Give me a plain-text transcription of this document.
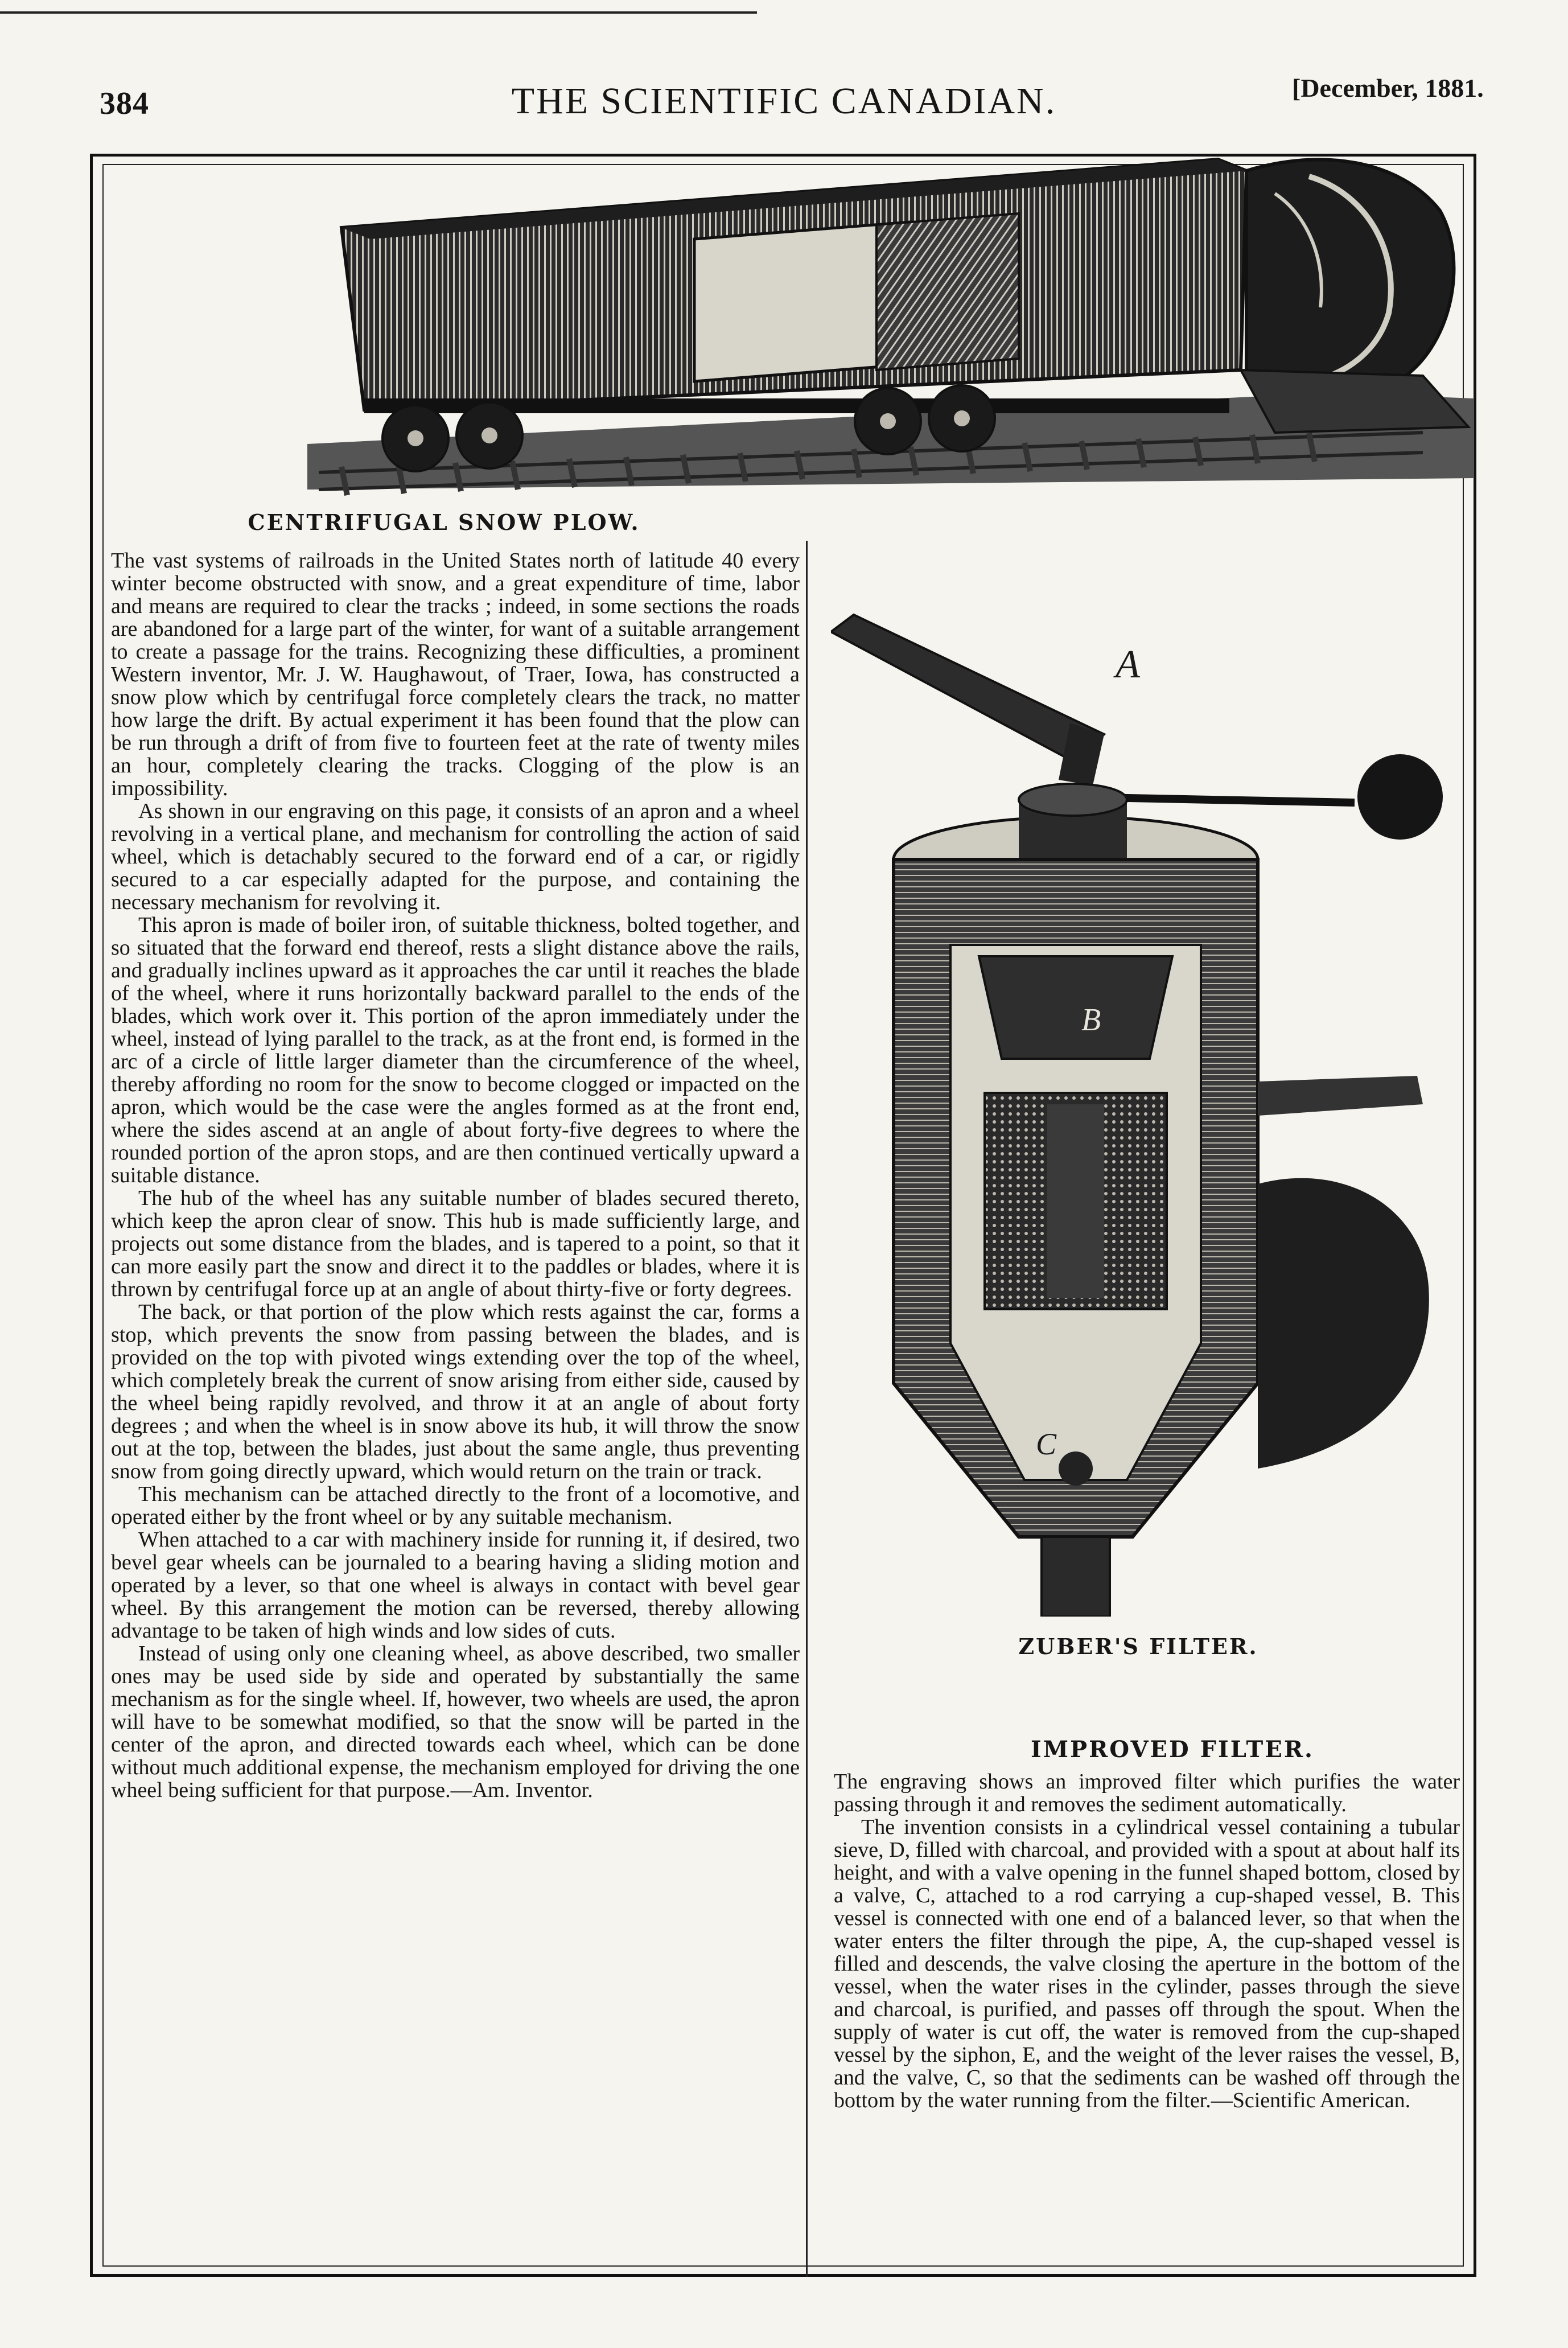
384	THE SCIENTIFIC CANADIAN.	[December, 1881.
CENTRIFUGAL SNOW PLOW.
B
C
A
ZUBER'S FILTER.

The vast systems of railroads in the United States north of latitude 40 every winter become obstructed with snow, and a great expenditure of time, labor and means are required to clear the tracks ; indeed, in some sections the roads are abandoned for a large part of the winter, for want of a suitable arrangement to create a passage for the trains. Recognizing these difficulties, a prominent Western inventor, Mr. J. W. Haughawout, of Traer, Iowa, has constructed a snow plow which by centrifugal force completely clears the track, no matter how large the drift. By actual experiment it has been found that the plow can be run through a drift of from five to fourteen feet at the rate of twenty miles an hour, completely clearing the tracks. Clogging of the plow is an impossibility.

As shown in our engraving on this page, it consists of an apron and a wheel revolving in a vertical plane, and mechanism for controlling the action of said wheel, which is detachably secured to the forward end of a car, or rigidly secured to a car especially adapted for the purpose, and containing the necessary mechanism for revolving it.

This apron is made of boiler iron, of suitable thickness, bolted together, and so situated that the forward end thereof, rests a slight distance above the rails, and gradually inclines upward as it approaches the car until it reaches the blade of the wheel, where it runs horizontally backward parallel to the ends of the blades, which work over it. This portion of the apron immediately under the wheel, instead of lying parallel to the track, as at the front end, is formed in the arc of a circle of little larger diameter than the circumference of the wheel, thereby affording no room for the snow to become clogged or impacted on the apron, which would be the case were the angles formed as at the front end, where the sides ascend at an angle of about forty-five degrees to where the rounded portion of the apron stops, and are then continued vertically upward a suitable distance.

The hub of the wheel has any suitable number of blades secured thereto, which keep the apron clear of snow. This hub is made sufficiently large, and projects out some distance from the blades, and is tapered to a point, so that it can more easily part the snow and direct it to the paddles or blades, where it is thrown by centrifugal force up at an angle of about thirty-five or forty degrees.

The back, or that portion of the plow which rests against the car, forms a stop, which prevents the snow from passing between the blades, and is provided on the top with pivoted wings extending over the top of the wheel, which completely break the current of snow arising from either side, caused by the wheel being rapidly revolved, and throw it at an angle of about forty degrees ; and when the wheel is in snow above its hub, it will throw the snow out at the top, between the blades, just about the same angle, thus preventing snow from going directly upward, which would return on the train or track.

This mechanism can be attached directly to the front of a locomotive, and operated either by the front wheel or by any suitable mechanism.

When attached to a car with machinery inside for running it, if desired, two bevel gear wheels can be journaled to a bearing having a sliding motion and operated by a lever, so that one wheel is always in contact with bevel gear wheel. By this arrangement the motion can be reversed, thereby allowing advantage to be taken of high winds and low sides of cuts.

Instead of using only one cleaning wheel, as above described, two smaller ones may be used side by side and operated by substantially the same mechanism as for the single wheel. If, however, two wheels are used, the apron will have to be somewhat modified, so that the snow will be parted in the center of the apron, and directed towards each wheel, which can be done without much additional expense, the mechanism employed for driving the one wheel being sufficient for that purpose.—Am. Inventor.

IMPROVED FILTER.

The engraving shows an improved filter which purifies the water passing through it and removes the sediment automatically.

The invention consists in a cylindrical vessel containing a tubular sieve, D, filled with charcoal, and provided with a spout at about half its height, and with a valve opening in the funnel shaped bottom, closed by a valve, C, attached to a rod carrying a cup-shaped vessel, B. This vessel is connected with one end of a balanced lever, so that when the water enters the filter through the pipe, A, the cup-shaped vessel is filled and descends, the valve closing the aperture in the bottom of the vessel, when the water rises in the cylinder, passes through the sieve and charcoal, is purified, and passes off through the spout. When the supply of water is cut off, the water is removed from the cup-shaped vessel by the siphon, E, and the weight of the lever raises the vessel, B, and the valve, C, so that the sediments can be washed off through the bottom by the water running from the filter.—Scientific American.
